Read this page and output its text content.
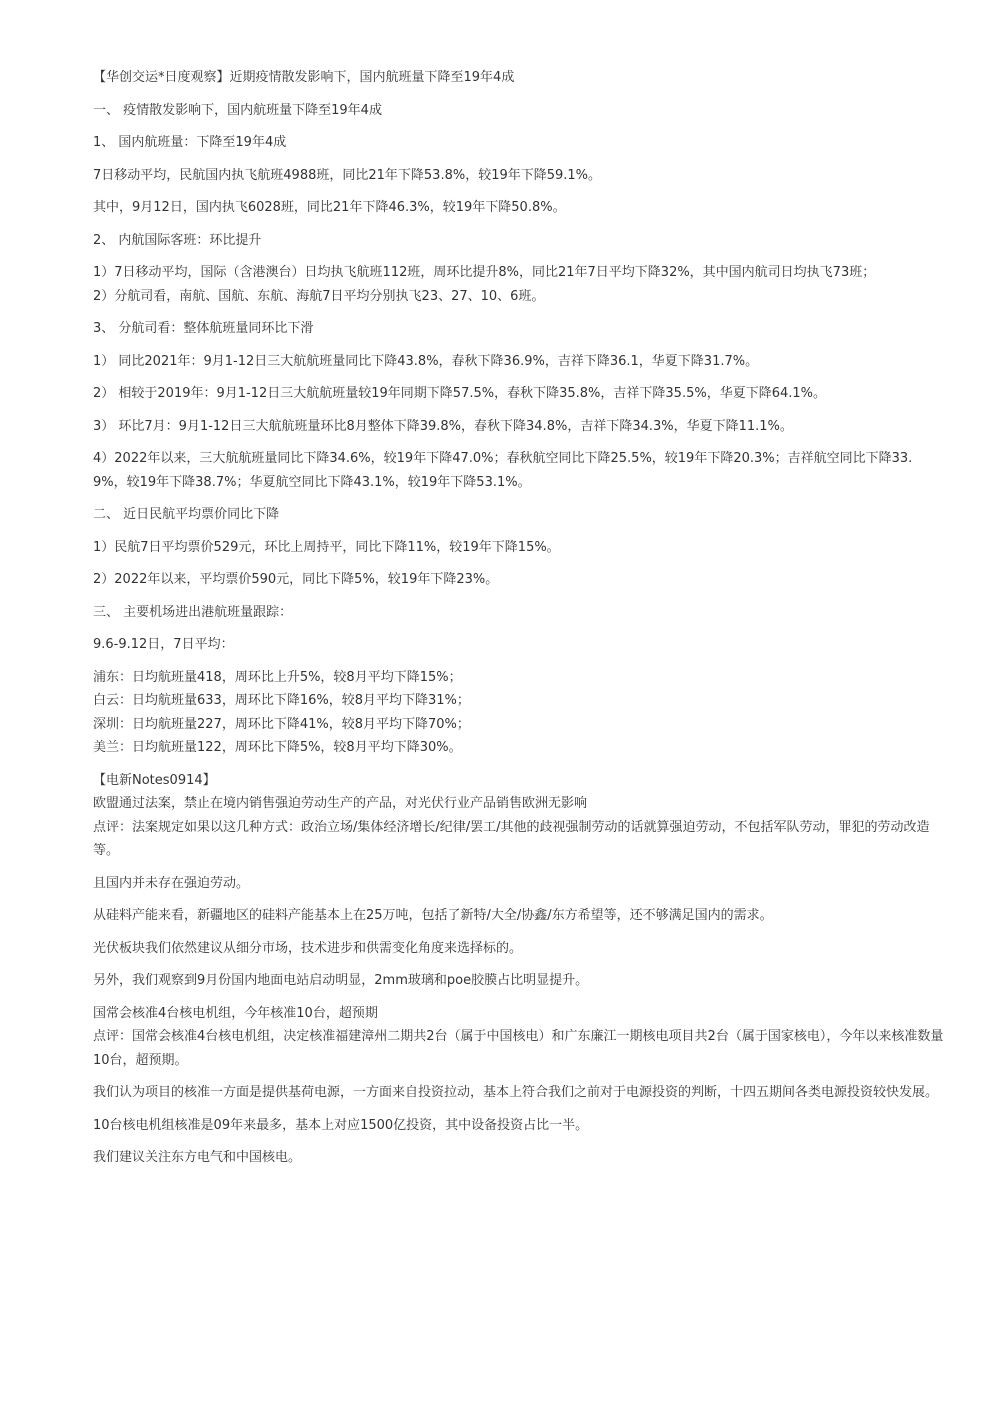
【华创交运*日度观察】近期疫情散发影响下，国内航班量下降至19年4成

一、 疫情散发影响下，国内航班量下降至19年4成

1、 国内航班量：下降至19年4成

7日移动平均，民航国内执飞航班4988班，同比21年下降53.8%，较19年下降59.1%。

其中，9月12日，国内执飞6028班，同比21年下降46.3%，较19年下降50.8%。

2、 内航国际客班：环比提升

1）7日移动平均，国际（含港澳台）日均执飞航班112班，周环比提升8%，同比21年7日平均下降32%，其中国内航司日均执飞73班；

2）分航司看，南航、国航、东航、海航7日平均分别执飞23、27、10、6班。

3、 分航司看：整体航班量同环比下滑

1） 同比2021年：9月1-12日三大航航班量同比下降43.8%，春秋下降36.9%，吉祥下降36.1，华夏下降31.7%。

2） 相较于2019年：9月1-12日三大航航班量较19年同期下降57.5%，春秋下降35.8%，吉祥下降35.5%，华夏下降64.1%。

3） 环比7月：9月1-12日三大航航班量环比8月整体下降39.8%，春秋下降34.8%，吉祥下降34.3%，华夏下降11.1%。

4）2022年以来，三大航航班量同比下降34.6%，较19年下降47.0%；春秋航空同比下降25.5%，较19年下降20.3%；吉祥航空同比下降33.9%，较19年下降38.7%；华夏航空同比下降43.1%，较19年下降53.1%。

二、 近日民航平均票价同比下降

1）民航7日平均票价529元，环比上周持平，同比下降11%，较19年下降15%。

2）2022年以来，平均票价590元，同比下降5%，较19年下降23%。

三、 主要机场进出港航班量跟踪：

9.6-9.12日，7日平均：

浦东：日均航班量418，周环比上升5%，较8月平均下降15%；

白云：日均航班量633，周环比下降16%，较8月平均下降31%；

深圳：日均航班量227，周环比下降41%，较8月平均下降70%；

美兰：日均航班量122，周环比下降5%，较8月平均下降30%。

【电新Notes0914】

欧盟通过法案，禁止在境内销售强迫劳动生产的产品，对光伏行业产品销售欧洲无影响

点评：法案规定如果以这几种方式：政治立场/集体经济增长/纪律/罢工/其他的歧视强制劳动的话就算强迫劳动，不包括军队劳动，罪犯的劳动改造等。

且国内并未存在强迫劳动。

从硅料产能来看，新疆地区的硅料产能基本上在25万吨，包括了新特/大全/协鑫/东方希望等，还不够满足国内的需求。

光伏板块我们依然建议从细分市场，技术进步和供需变化角度来选择标的。

另外，我们观察到9月份国内地面电站启动明显，2mm玻璃和poe胶膜占比明显提升。

国常会核准4台核电机组，今年核准10台，超预期

点评：国常会核准4台核电机组，决定核准福建漳州二期共2台（属于中国核电）和广东廉江一期核电项目共2台（属于国家核电），今年以来核准数量10台，超预期。

我们认为项目的核准一方面是提供基荷电源，一方面来自投资拉动，基本上符合我们之前对于电源投资的判断，十四五期间各类电源投资较快发展。

10台核电机组核准是09年来最多，基本上对应1500亿投资，其中设备投资占比一半。

我们建议关注东方电气和中国核电。
